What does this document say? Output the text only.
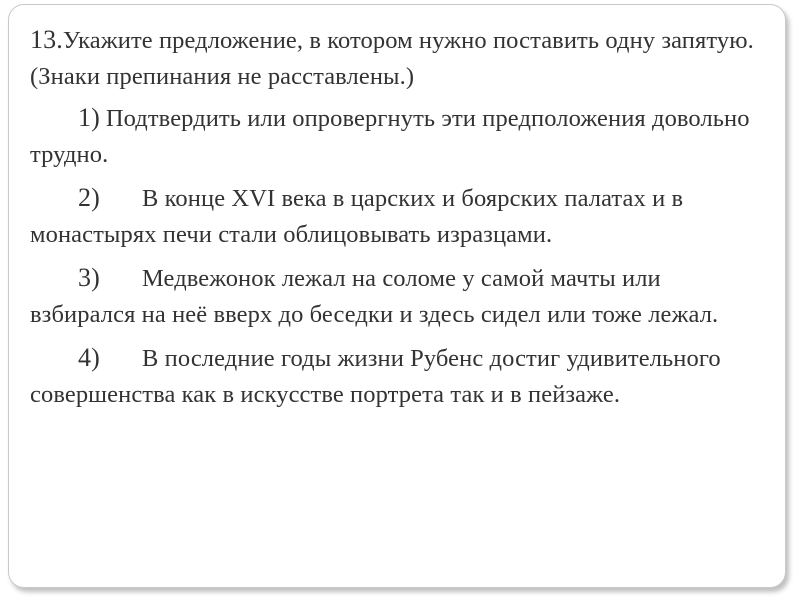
13.Укажите предложение, в котором нужно поставить одну запятую. (Знаки препинания не расставлены.)

1) Подтвердить или опровергнуть эти предположения довольно трудно.

2) В конце XVI века в царских и боярских палатах и в монастырях печи стали облицовывать изразцами.

3) Медвежонок лежал на соломе у самой мачты или взбирался на неё вверх до беседки и здесь сидел или тоже лежал.

4) В последние годы жизни Рубенс достиг удивительного совершенства как в искусстве портрета так и в пейзаже.
